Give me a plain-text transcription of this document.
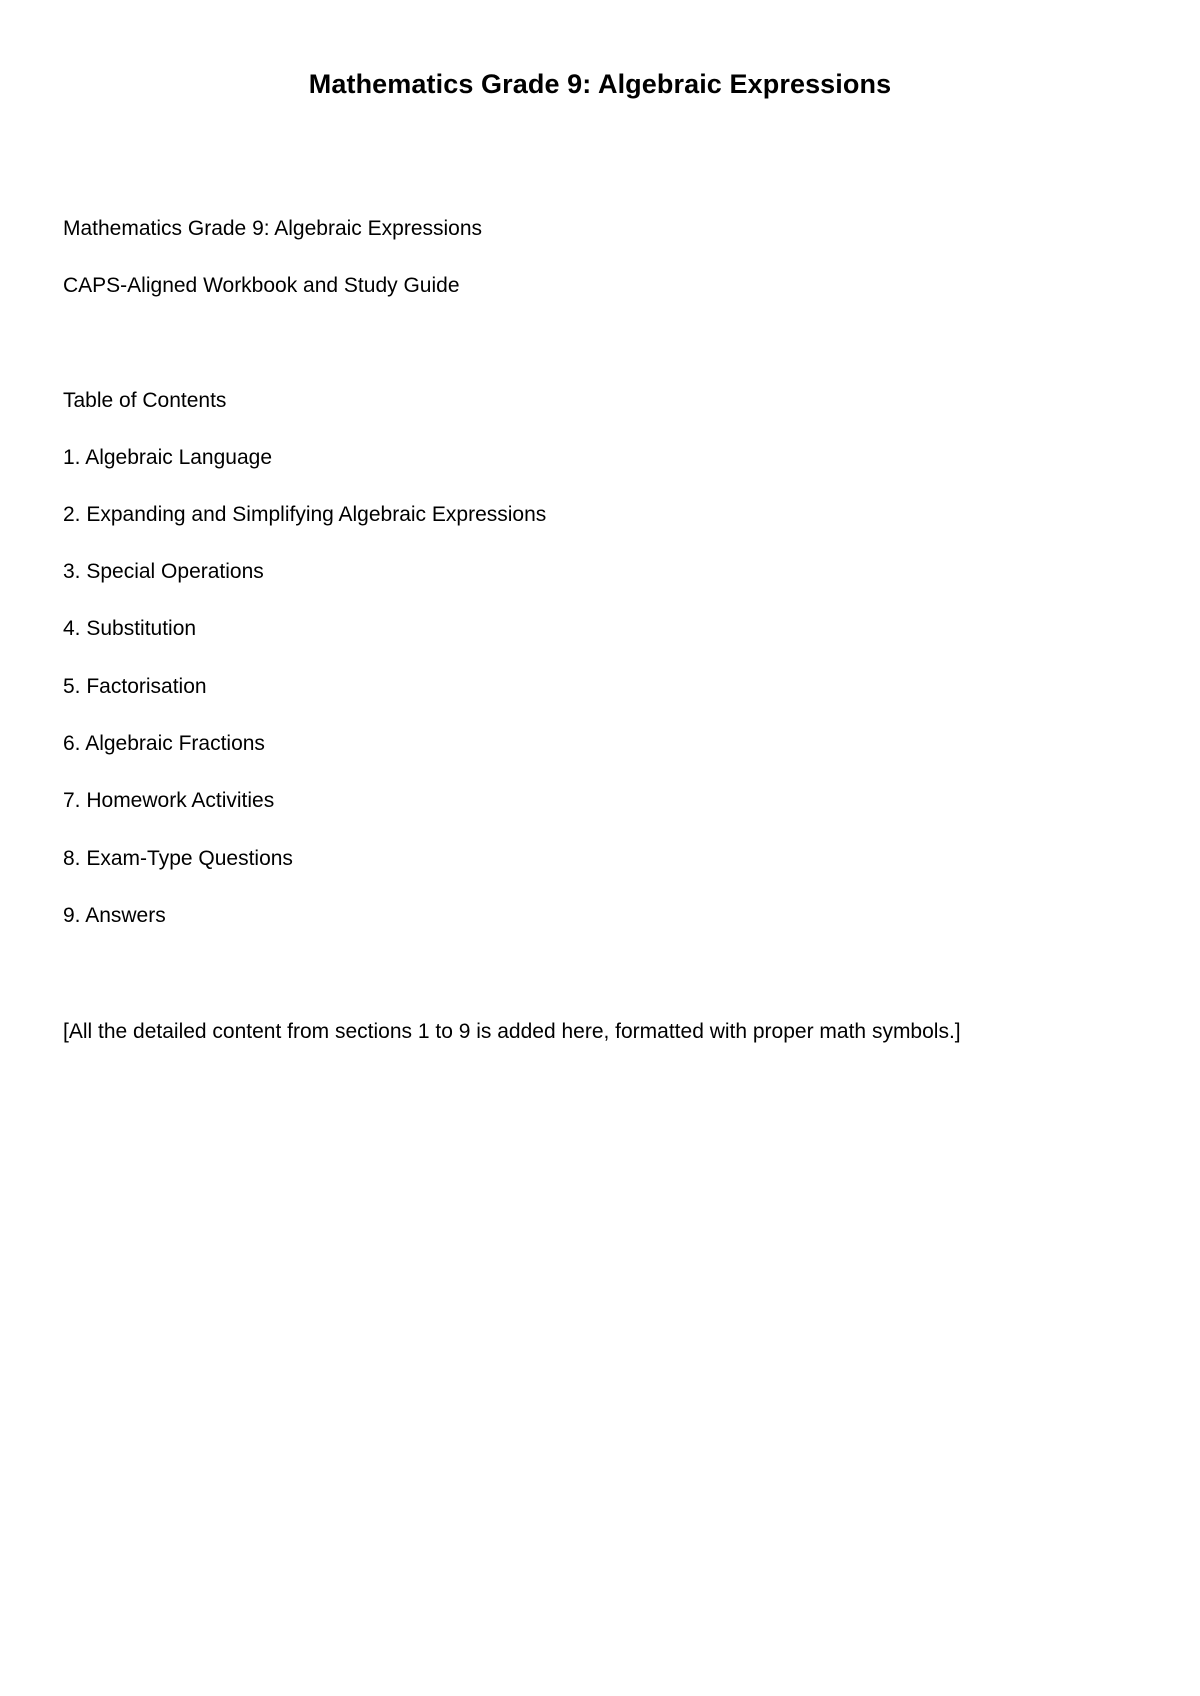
Mathematics Grade 9: Algebraic Expressions

Mathematics Grade 9: Algebraic Expressions

CAPS-Aligned Workbook and Study Guide

Table of Contents

1. Algebraic Language
2. Expanding and Simplifying Algebraic Expressions
3. Special Operations
4. Substitution
5. Factorisation
6. Algebraic Fractions
7. Homework Activities
8. Exam-Type Questions
9. Answers

[All the detailed content from sections 1 to 9 is added here, formatted with proper math symbols.]
